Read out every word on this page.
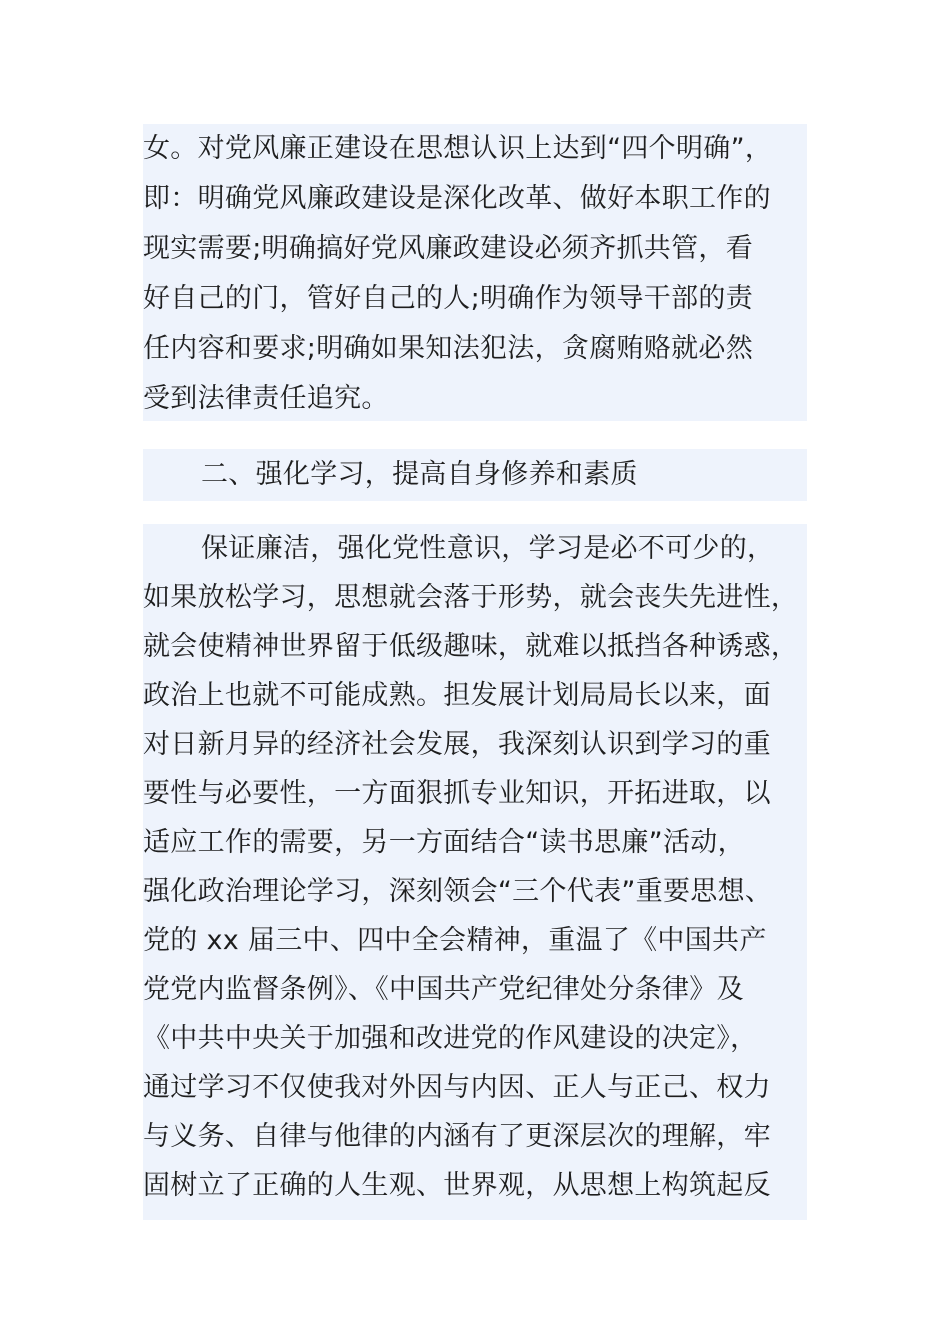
女。对党风廉正建设在思想认识上达到“四个明确”，
即：明确党风廉政建设是深化改革、做好本职工作的
现实需要;明确搞好党风廉政建设必须齐抓共管，看
好自己的门，管好自己的人;明确作为领导干部的责
任内容和要求;明确如果知法犯法，贪腐贿赂就必然
受到法律责任追究。
二、强化学习，提高自身修养和素质
保证廉洁，强化党性意识，学习是必不可少的，
如果放松学习，思想就会落于形势，就会丧失先进性，
就会使精神世界留于低级趣味，就难以抵挡各种诱惑，
政治上也就不可能成熟。担发展计划局局长以来，面
对日新月异的经济社会发展，我深刻认识到学习的重
要性与必要性，一方面狠抓专业知识，开拓进取，以
适应工作的需要，另一方面结合“读书思廉”活动，
强化政治理论学习，深刻领会“三个代表”重要思想、
党的 xx 届三中、四中全会精神，重温了《中国共产
党党内监督条例》、《中国共产党纪律处分条律》及
《中共中央关于加强和改进党的作风建设的决定》，
通过学习不仅使我对外因与内因、正人与正己、权力
与义务、自律与他律的内涵有了更深层次的理解，牢
固树立了正确的人生观、世界观，从思想上构筑起反
